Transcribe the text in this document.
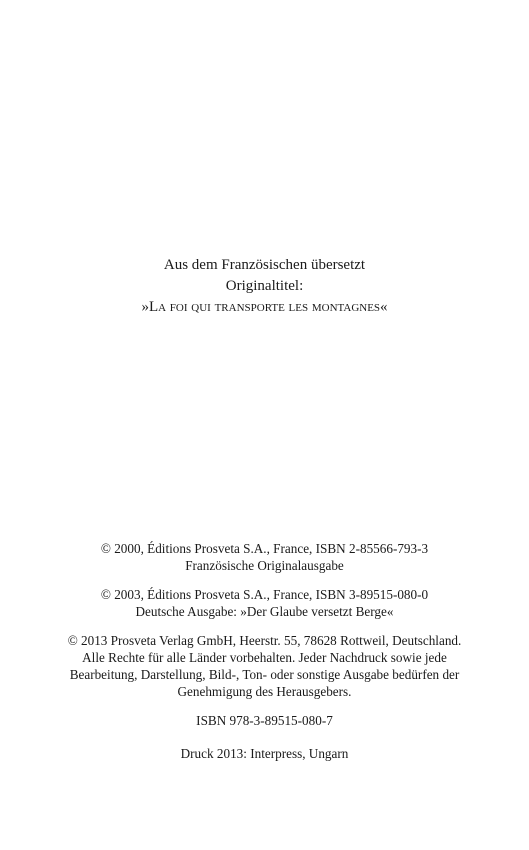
Aus dem Französischen übersetzt
Originaltitel:
»La foi qui transporte les montagnes«
© 2000, Éditions Prosveta S.A., France, ISBN 2-85566-793-3
Französische Originalausgabe
© 2003, Éditions Prosveta S.A., France, ISBN 3-89515-080-0
Deutsche Ausgabe: »Der Glaube versetzt Berge«
© 2013 Prosveta Verlag GmbH, Heerstr. 55, 78628 Rottweil, Deutschland.
Alle Rechte für alle Länder vorbehalten. Jeder Nachdruck sowie jede
Bearbeitung, Darstellung, Bild-, Ton- oder sonstige Ausgabe bedürfen der
Genehmigung des Herausgebers.
ISBN 978-3-89515-080-7
Druck 2013: Interpress, Ungarn
